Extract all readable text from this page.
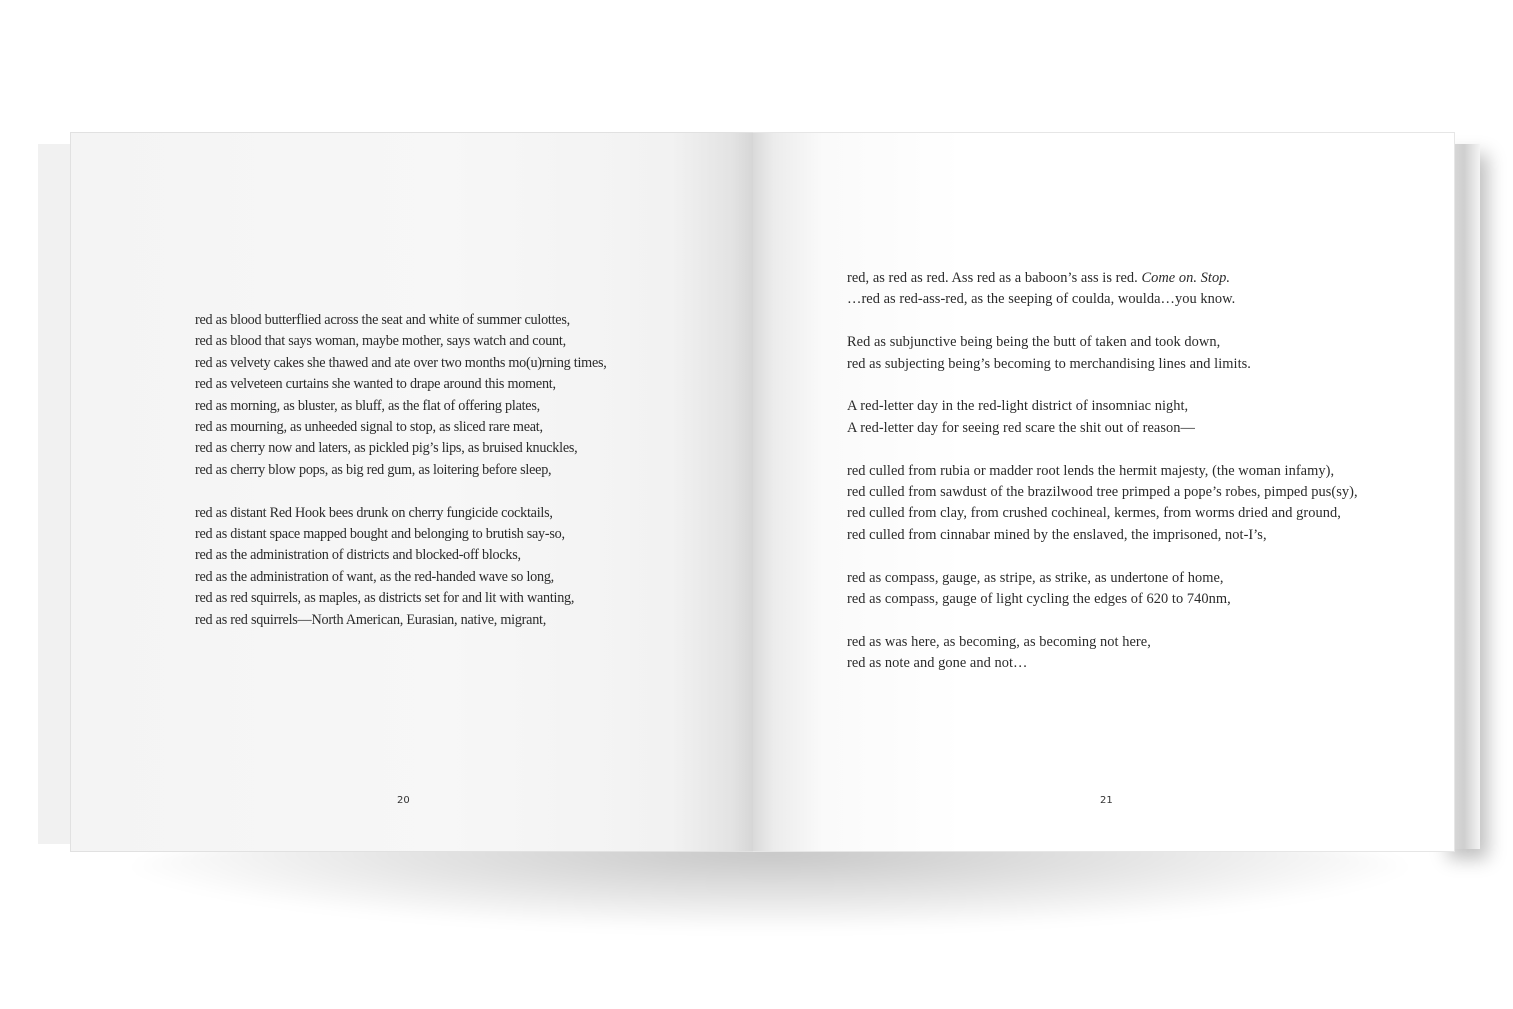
red as blood butterflied across the seat and white of summer culottes,
red as blood that says woman, maybe mother, says watch and count,
red as velvety cakes she thawed and ate over two months mo(u)rning times,
red as velveteen curtains she wanted to drape around this moment,
red as morning, as bluster, as bluff, as the flat of offering plates,
red as mourning, as unheeded signal to stop, as sliced rare meat,
red as cherry now and laters, as pickled pig’s lips, as bruised knuckles,
red as cherry blow pops, as big red gum, as loitering before sleep,
red as distant Red Hook bees drunk on cherry fungicide cocktails,
red as distant space mapped bought and belonging to brutish say-so,
red as the administration of districts and blocked-off blocks,
red as the administration of want, as the red-handed wave so long,
red as red squirrels, as maples, as districts set for and lit with wanting,
red as red squirrels—North American, Eurasian, native, migrant,
20
red, as red as red. Ass red as a baboon’s ass is red. Come on. Stop.
…red as red-ass-red, as the seeping of coulda, woulda…you know.
Red as subjunctive being being the butt of taken and took down,
red as subjecting being’s becoming to merchandising lines and limits.
A red-letter day in the red-light district of insomniac night,
A red-letter day for seeing red scare the shit out of reason—
red culled from rubia or madder root lends the hermit majesty, (the woman infamy),
red culled from sawdust of the brazilwood tree primped a pope’s robes, pimped pus(sy),
red culled from clay, from crushed cochineal, kermes, from worms dried and ground,
red culled from cinnabar mined by the enslaved, the imprisoned, not-I’s,
red as compass, gauge, as stripe, as strike, as undertone of home,
red as compass, gauge of light cycling the edges of 620 to 740nm,
red as was here, as becoming, as becoming not here,
red as note and gone and not…
21
